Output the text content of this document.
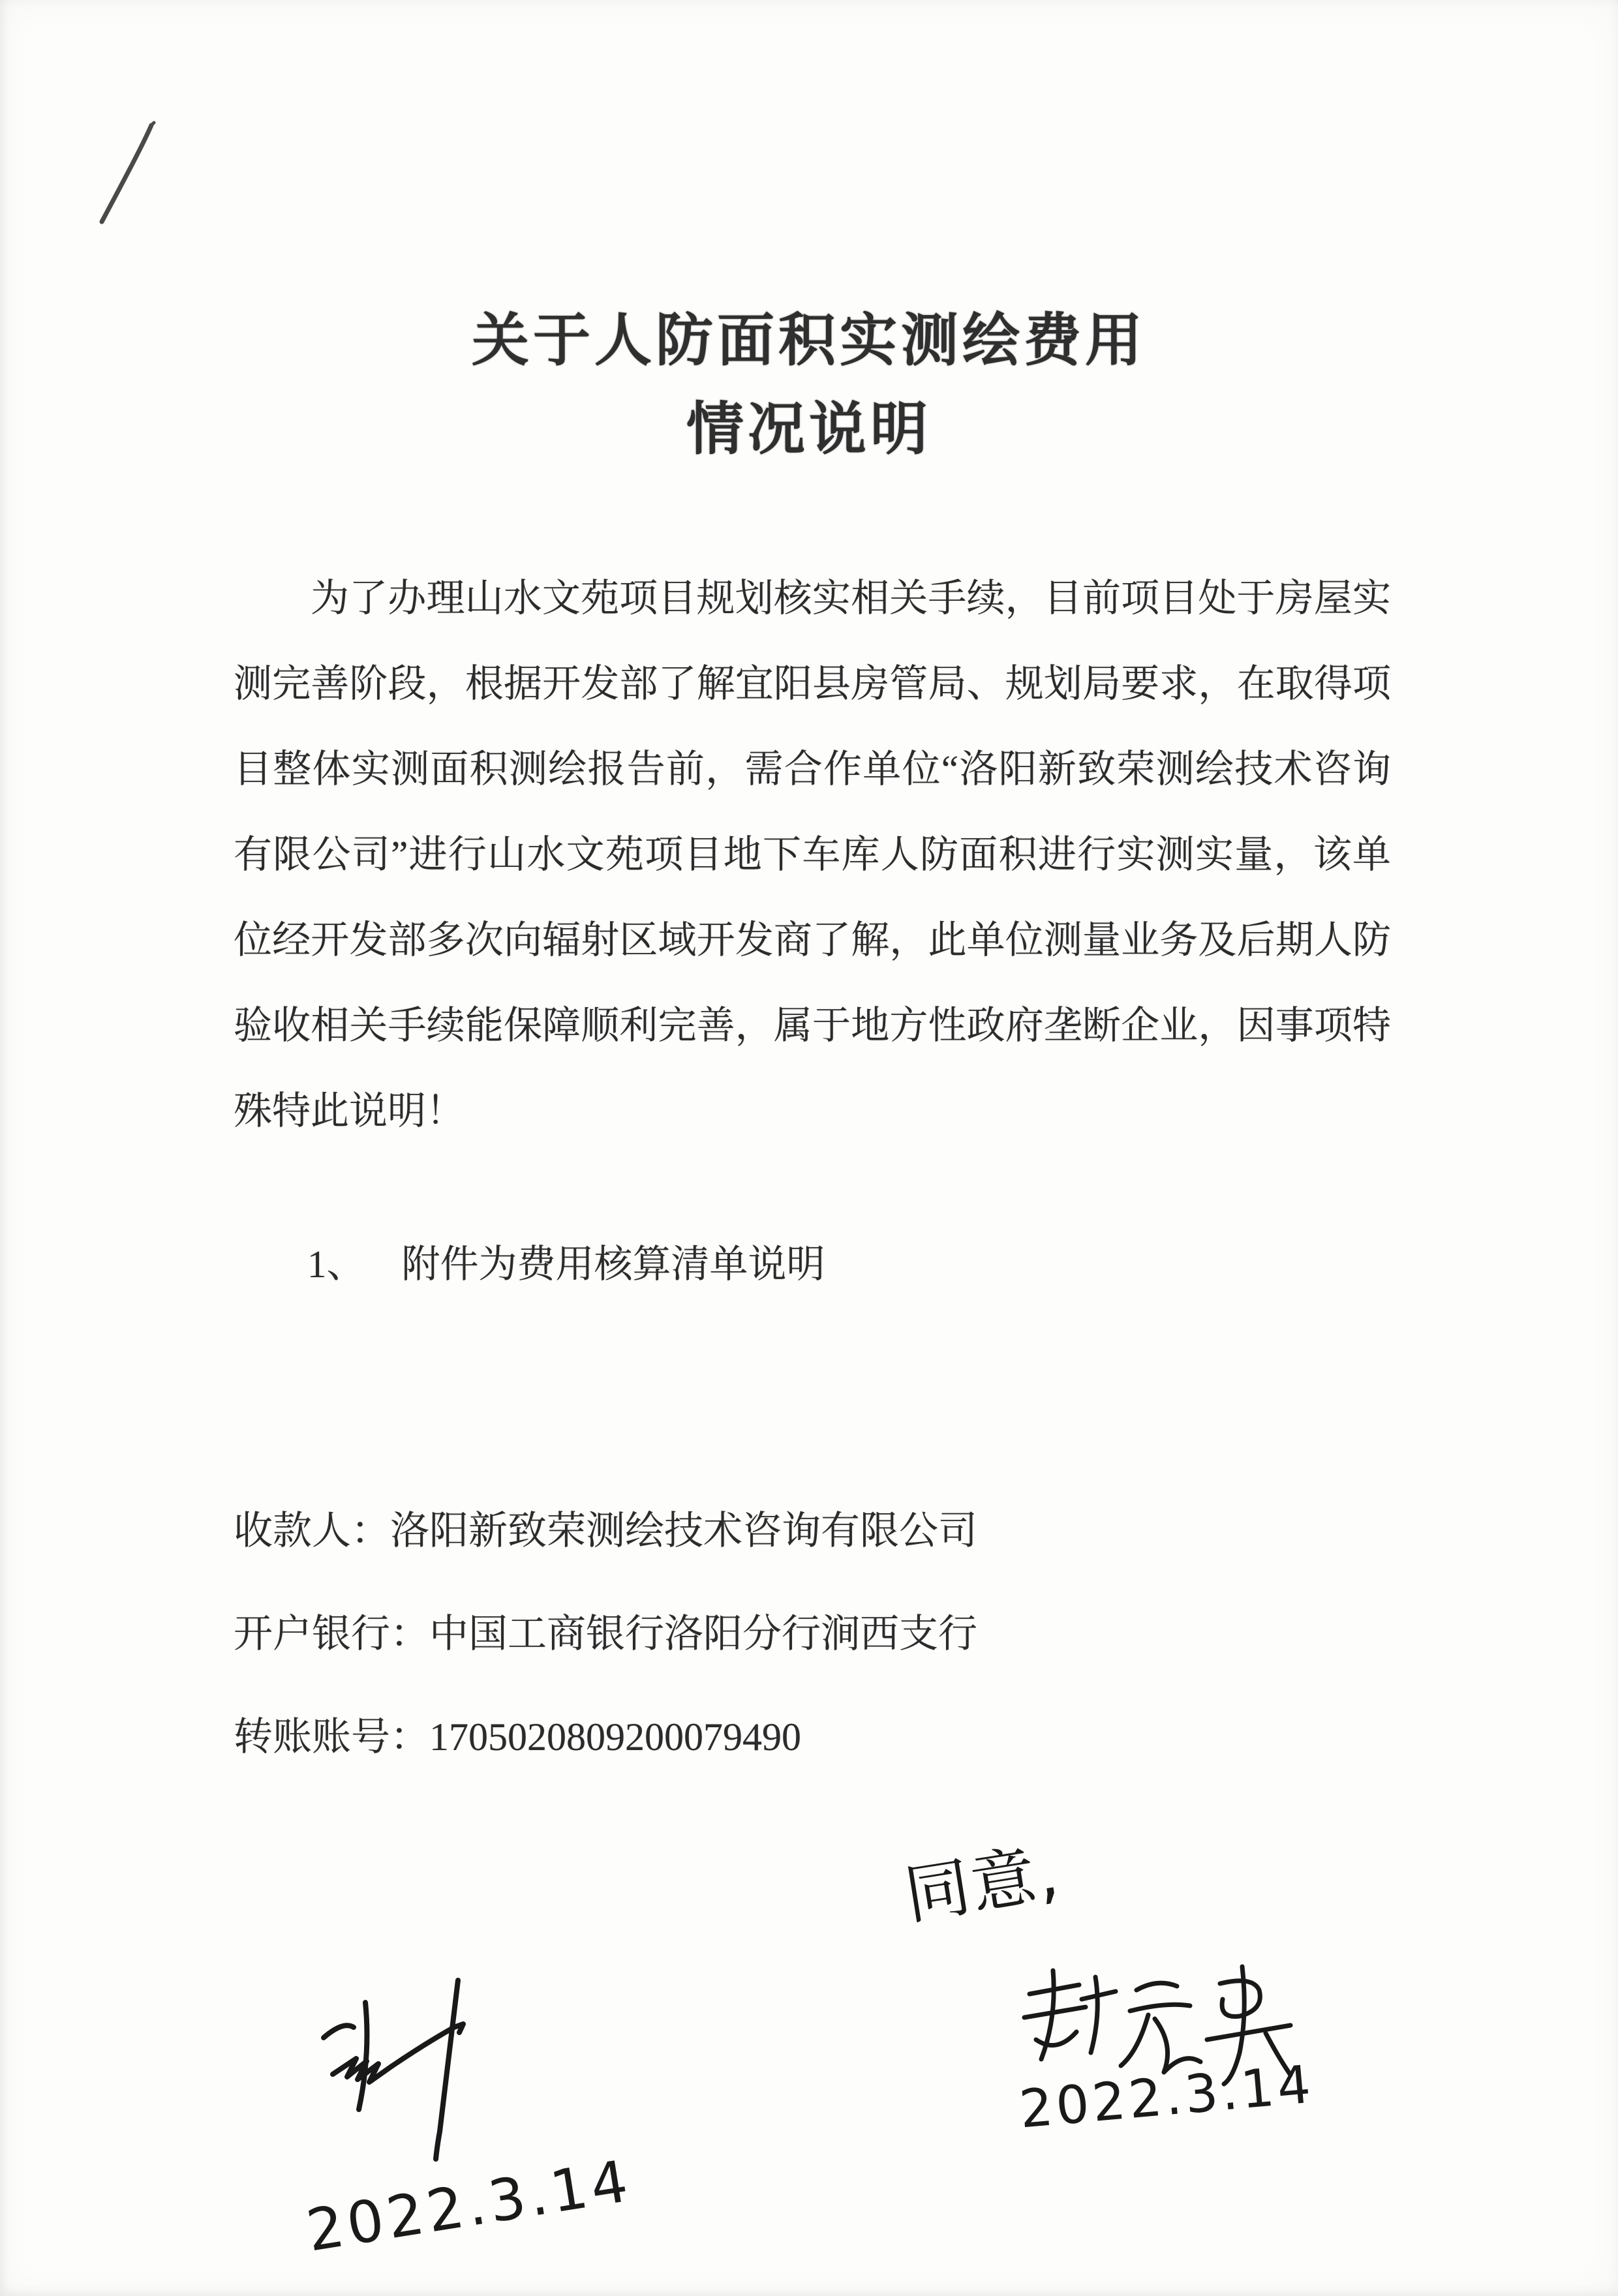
关于人防面积实测绘费用
情况说明
为了办理山水文苑项目规划核实相关手续，目前项目处于房屋实
测完善阶段，根据开发部了解宜阳县房管局、规划局要求，在取得项
目整体实测面积测绘报告前，需合作单位“洛阳新致荣测绘技术咨询
有限公司”进行山水文苑项目地下车库人防面积进行实测实量，该单
位经开发部多次向辐射区域开发商了解，此单位测量业务及后期人防
验收相关手续能保障顺利完善，属于地方性政府垄断企业，因事项特
殊特此说明！
1、 附件为费用核算清单说明
收款人：洛阳新致荣测绘技术咨询有限公司
开户银行：中国工商银行洛阳分行涧西支行
转账账号：1705020809200079490
同意,
2022.3.14
2022.3.14
